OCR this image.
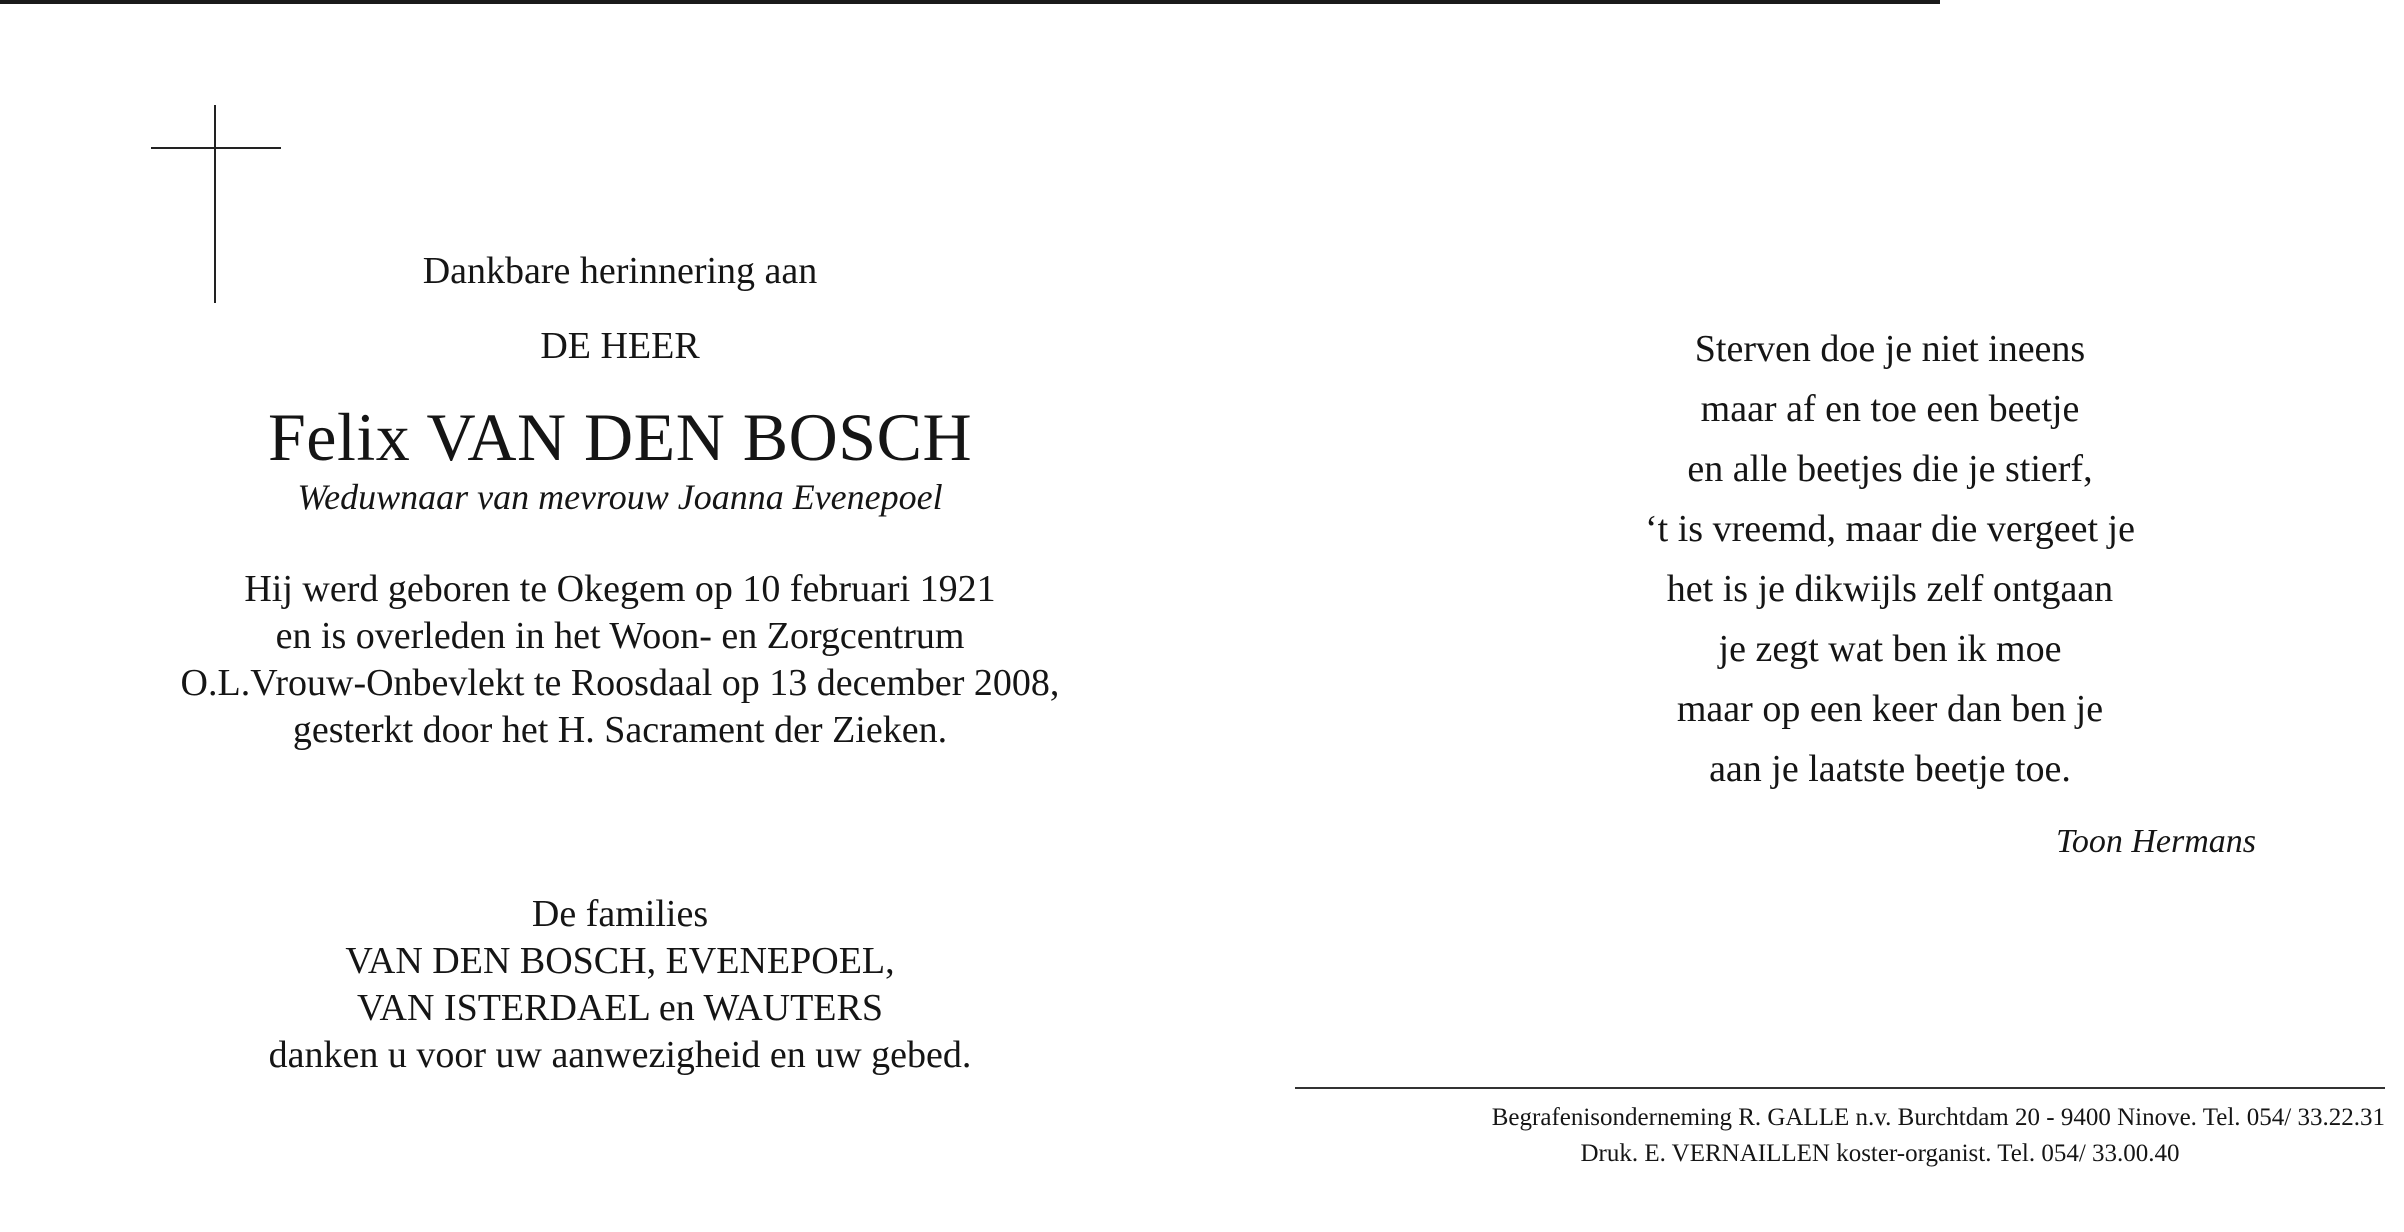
Dankbare herinnering aan
DE HEER
Felix VAN DEN BOSCH
Weduwnaar van mevrouw Joanna Evenepoel
Hij werd geboren te Okegem op 10 februari 1921
en is overleden in het Woon- en Zorgcentrum
O.L.Vrouw-Onbevlekt te Roosdaal op 13 december 2008,
gesterkt door het H. Sacrament der Zieken.
De families
VAN DEN BOSCH, EVENEPOEL,
VAN ISTERDAEL en WAUTERS
danken u voor uw aanwezigheid en uw gebed.
Sterven doe je niet ineens
maar af en toe een beetje
en alle beetjes die je stierf,
‘t is vreemd, maar die vergeet je
het is je dikwijls zelf ontgaan
je zegt wat ben ik moe
maar op een keer dan ben je
aan je laatste beetje toe.
Toon Hermans
Begrafenisonderneming R. GALLE n.v. Burchtdam 20 - 9400 Ninove. Tel. 054/ 33.22.31
Druk. E. VERNAILLEN koster-organist. Tel. 054/ 33.00.40
